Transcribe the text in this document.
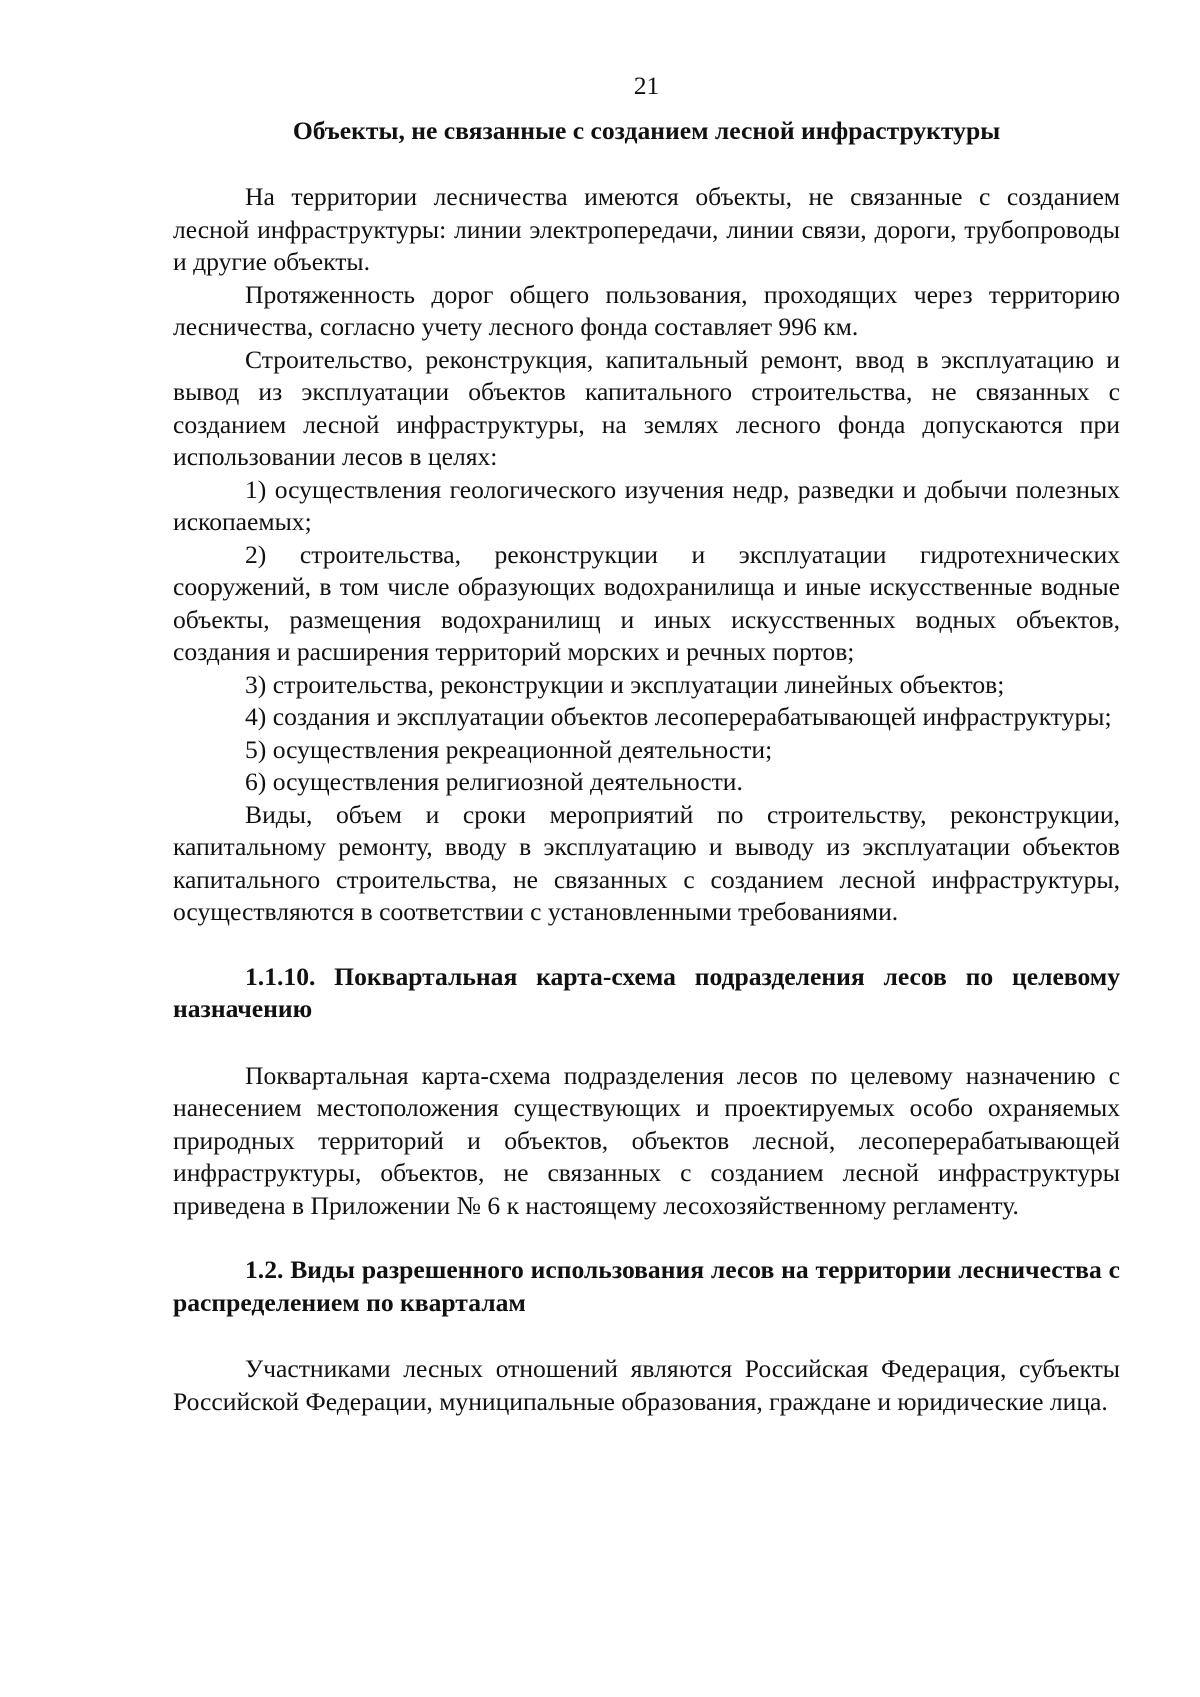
21
Объекты, не связанные с созданием лесной инфраструктуры

На территории лесничества имеются объекты, не связанные с созданием лесной инфраструктуры: линии электропередачи, линии связи, дороги, трубопроводы и другие объекты.

Протяженность дорог общего пользования, проходящих через территорию лесничества, согласно учету лесного фонда составляет 996 км.

Строительство, реконструкция, капитальный ремонт, ввод в эксплуатацию и вывод из эксплуатации объектов капитального строительства, не связанных с созданием лесной инфраструктуры, на землях лесного фонда допускаются при использовании лесов в целях:

1) осуществления геологического изучения недр, разведки и добычи полезных ископаемых;

2) строительства, реконструкции и эксплуатации гидротехнических сооружений, в том числе образующих водохранилища и иные искусственные водные объекты, размещения водохранилищ и иных искусственных водных объектов, создания и расширения территорий морских и речных портов;

3) строительства, реконструкции и эксплуатации линейных объектов;

4) создания и эксплуатации объектов лесоперерабатывающей инфраструктуры;

5) осуществления рекреационной деятельности;

6) осуществления религиозной деятельности.

Виды, объем и сроки мероприятий по строительству, реконструкции, капитальному ремонту, вводу в эксплуатацию и выводу из эксплуатации объектов капитального строительства, не связанных с созданием лесной инфраструктуры, осуществляются в соответствии с установленными требованиями.

1.1.10. Поквартальная карта-схема подразделения лесов по целевому назначению

Поквартальная карта-схема подразделения лесов по целевому назначению с нанесением местоположения существующих и проектируемых особо охраняемых природных территорий и объектов, объектов лесной, лесоперерабатывающей инфраструктуры, объектов, не связанных с созданием лесной инфраструктуры приведена в Приложении № 6 к настоящему лесохозяйственному регламенту.

1.2. Виды разрешенного использования лесов на территории лесничества с распределением по кварталам

Участниками лесных отношений являются Российская Федерация, субъекты Российской Федерации, муниципальные образования, граждане и юридические лица.
